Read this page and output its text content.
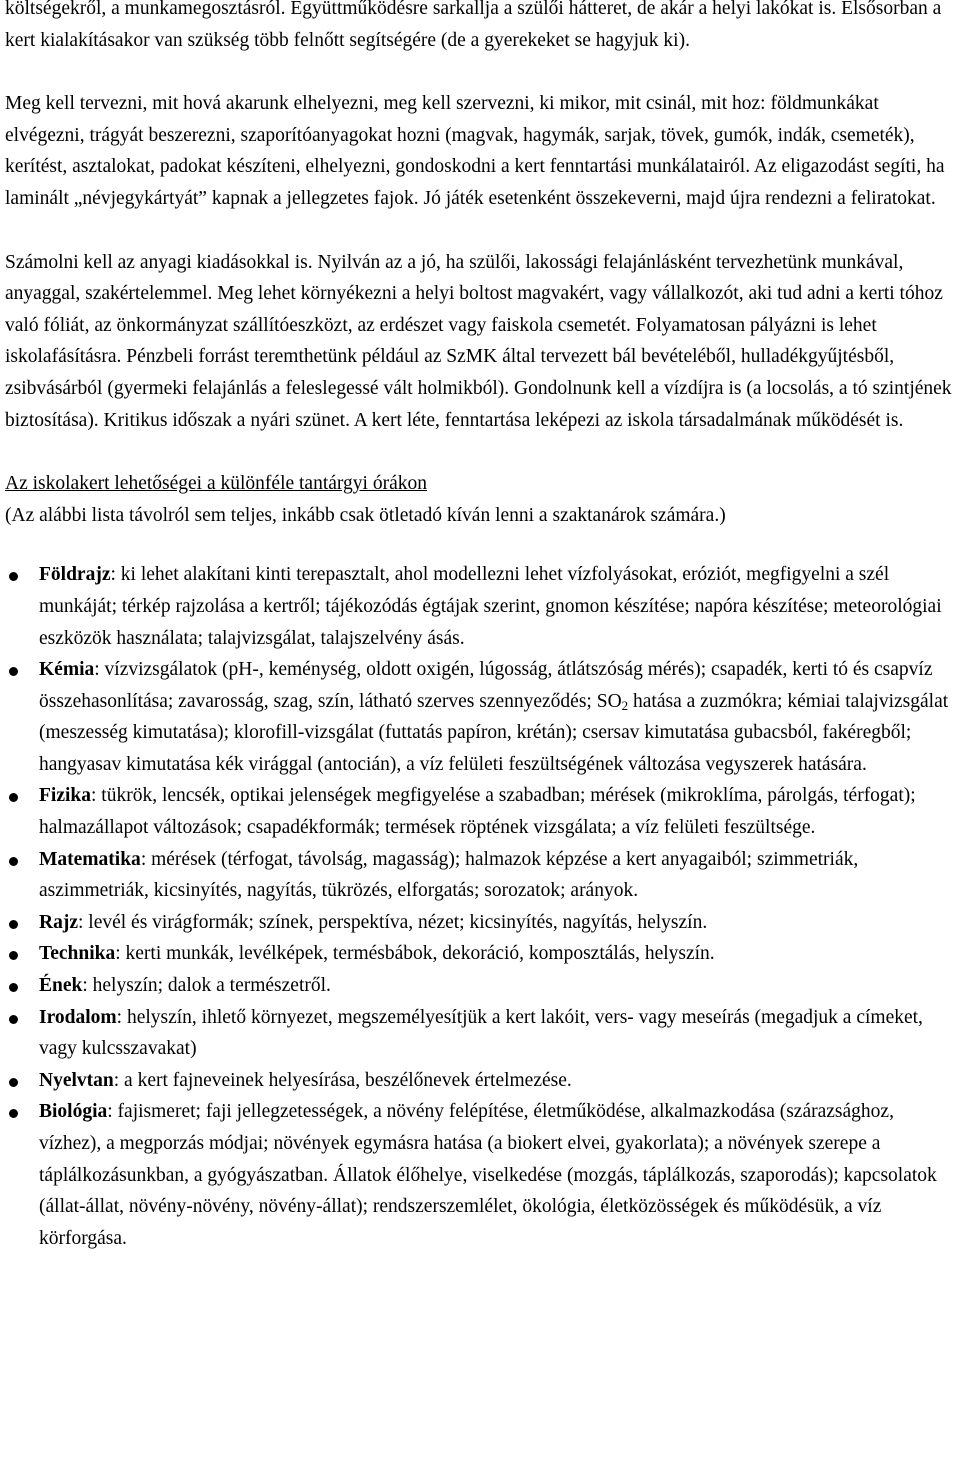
költségekről, a munkamegosztásról. Együttműködésre sarkallja a szülői hátteret, de akár a helyi lakókat is. Elsősorban a kert kialakításakor van szükség több felnőtt segítségére (de a gyerekeket se hagyjuk ki).

Meg kell tervezni, mit hová akarunk elhelyezni, meg kell szervezni, ki mikor, mit csinál, mit hoz: földmunkákat elvégezni, trágyát beszerezni, szaporítóanyagokat hozni (magvak, hagymák, sarjak, tövek, gumók, indák, csemeték), kerítést, asztalokat, padokat készíteni, elhelyezni, gondoskodni a kert fenntartási munkálatairól. Az eligazodást segíti, ha laminált „névjegykártyát” kapnak a jellegzetes fajok. Jó játék esetenként összekeverni, majd újra rendezni a feliratokat.

Számolni kell az anyagi kiadásokkal is. Nyilván az a jó, ha szülői, lakossági felajánlásként tervezhetünk munkával, anyaggal, szakértelemmel. Meg lehet környékezni a helyi boltost magvakért, vagy vállalkozót, aki tud adni a kerti tóhoz való fóliát, az önkormányzat szállítóeszközt, az erdészet vagy faiskola csemetét. Folyamatosan pályázni is lehet iskolafásításra. Pénzbeli forrást teremthetünk például az SzMK által tervezett bál bevételéből, hulladékgyűjtésből, zsibvásárból (gyermeki felajánlás a feleslegessé vált holmikból). Gondolnunk kell a vízdíjra is (a locsolás, a tó szintjének biztosítása). Kritikus időszak a nyári szünet. A kert léte, fenntartása leképezi az iskola társadalmának működését is.

Az iskolakert lehetőségei a különféle tantárgyi órákon
(Az alábbi lista távolról sem teljes, inkább csak ötletadó kíván lenni a szaktanárok számára.)
Földrajz: ki lehet alakítani kinti terepasztalt, ahol modellezni lehet vízfolyásokat, eróziót, megfigyelni a szél munkáját; térkép rajzolása a kertről; tájékozódás égtájak szerint, gnomon készítése; napóra készítése; meteorológiai eszközök használata; talajvizsgálat, talajszelvény ásás.
Kémia: vízvizsgálatok (pH-, keménység, oldott oxigén, lúgosság, átlátszóság mérés); csapadék, kerti tó és csapvíz összehasonlítása; zavarosság, szag, szín, látható szerves szennyeződés; $SO_2$ hatása a zuzmókra; kémiai talajvizsgálat (meszesség kimutatása); klorofill-vizsgálat (futtatás papíron, krétán); csersav kimutatása gubacsból, fakéregből; hangyasav kimutatása kék virággal (antocián), a víz felületi feszültségének változása vegyszerek hatására.
Fizika: tükrök, lencsék, optikai jelenségek megfigyelése a szabadban; mérések (mikroklíma, párolgás, térfogat); halmazállapot változások; csapadékformák; termések röptének vizsgálata; a víz felületi feszültsége.
Matematika: mérések (térfogat, távolság, magasság); halmazok képzése a kert anyagaiból; szimmetriák, aszimmetriák, kicsinyítés, nagyítás, tükrözés, elforgatás; sorozatok; arányok.
Rajz: levél és virágformák; színek, perspektíva, nézet; kicsinyítés, nagyítás, helyszín.
Technika: kerti munkák, levélképek, termésbábok, dekoráció, komposztálás, helyszín.
Ének: helyszín; dalok a természetről.
Irodalom: helyszín, ihlető környezet, megszemélyesítjük a kert lakóit, vers- vagy meseírás (megadjuk a címeket, vagy kulcsszavakat)
Nyelvtan: a kert fajneveinek helyesírása, beszélőnevek értelmezése.
Biológia: fajismeret; faji jellegzetességek, a növény felépítése, életműködése, alkalmazkodása (szárazsághoz, vízhez), a megporzás módjai; növények egymásra hatása (a biokert elvei, gyakorlata); a növények szerepe a táplálkozásunkban, a gyógyászatban. Állatok élőhelye, viselkedése (mozgás, táplálkozás, szaporodás); kapcsolatok (állat-állat, növény-növény, növény-állat); rendszerszemlélet, ökológia, életközösségek és működésük, a víz körforgása.
